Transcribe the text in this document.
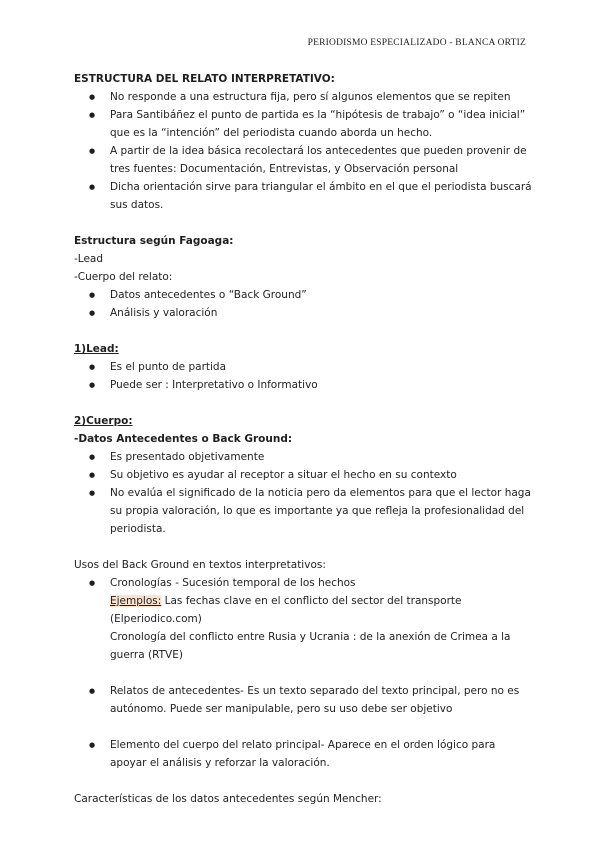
PERIODISMO ESPECIALIZADO - BLANCA ORTIZ

ESTRUCTURA DEL RELATO INTERPRETATIVO:

● No responde a una estructura fija, pero sí algunos elementos que se repiten
● Para Santibáñez el punto de partida es la “hipótesis de trabajo” o “idea inicial” que es la “intención” del periodista cuando aborda un hecho.
● A partir de la idea básica recolectará los antecedentes que pueden provenir de tres fuentes: Documentación, Entrevistas, y Observación personal
● Dicha orientación sirve para triangular el ámbito en el que el periodista buscará sus datos.

Estructura según Fagoaga:

-Lead

-Cuerpo del relato:

● Datos antecedentes o “Back Ground”
● Análisis y valoración

1)Lead:

● Es el punto de partida
● Puede ser : Interpretativo o Informativo

2)Cuerpo:

-Datos Antecedentes o Back Ground:

● Es presentado objetivamente
● Su objetivo es ayudar al receptor a situar el hecho en su contexto
● No evalúa el significado de la noticia pero da elementos para que el lector haga su propia valoración, lo que es importante ya que refleja la profesionalidad del periodista.

Usos del Back Ground en textos interpretativos:

● Cronologías - Sucesión temporal de los hechos
Ejemplos: Las fechas clave en el conflicto del sector del transporte (Elperiodico.com)
Cronología del conflicto entre Rusia y Ucrania : de la anexión de Crimea a la guerra (RTVE)
● Relatos de antecedentes- Es un texto separado del texto principal, pero no es autónomo. Puede ser manipulable, pero su uso debe ser objetivo
● Elemento del cuerpo del relato principal- Aparece en el orden lógico para apoyar el análisis y reforzar la valoración.

Características de los datos antecedentes según Mencher:
